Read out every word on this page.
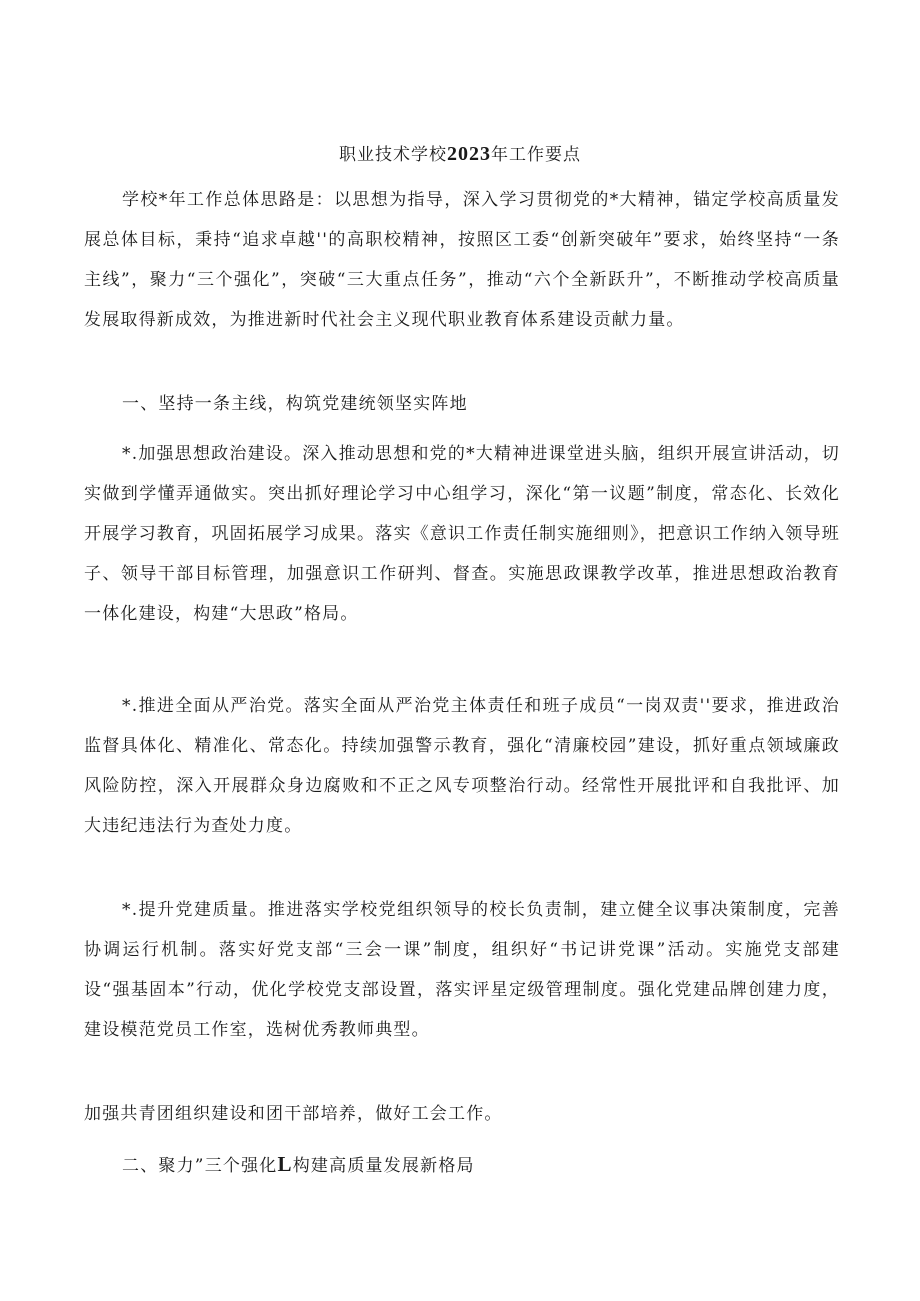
职业技术学校2023年工作要点

学校*年工作总体思路是：以思想为指导，深入学习贯彻党的*大精神，锚定学校高质量发展总体目标，秉持“追求卓越''的高职校精神，按照区工委“创新突破年”要求，始终坚持“一条主线”，聚力“三个强化”，突破“三大重点任务”，推动“六个全新跃升”，不断推动学校高质量发展取得新成效，为推进新时代社会主义现代职业教育体系建设贡献力量。

一、坚持一条主线，构筑党建统领坚实阵地

*.加强思想政治建设。深入推动思想和党的*大精神进课堂进头脑，组织开展宣讲活动，切实做到学懂弄通做实。突出抓好理论学习中心组学习，深化“第一议题”制度，常态化、长效化开展学习教育，巩固拓展学习成果。落实《意识工作责任制实施细则》，把意识工作纳入领导班子、领导干部目标管理，加强意识工作研判、督查。实施思政课教学改革，推进思想政治教育一体化建设，构建“大思政”格局。

*.推进全面从严治党。落实全面从严治党主体责任和班子成员“一岗双责''要求，推进政治监督具体化、精准化、常态化。持续加强警示教育，强化“清廉校园”建设，抓好重点领域廉政风险防控，深入开展群众身边腐败和不正之风专项整治行动。经常性开展批评和自我批评、加大违纪违法行为查处力度。

*.提升党建质量。推进落实学校党组织领导的校长负责制，建立健全议事决策制度，完善协调运行机制。落实好党支部“三会一课”制度，组织好“书记讲党课”活动。实施党支部建设“强基固本”行动，优化学校党支部设置，落实评星定级管理制度。强化党建品牌创建力度，建设模范党员工作室，选树优秀教师典型。

加强共青团组织建设和团干部培养，做好工会工作。

二、聚力”三个强化L构建高质量发展新格局
